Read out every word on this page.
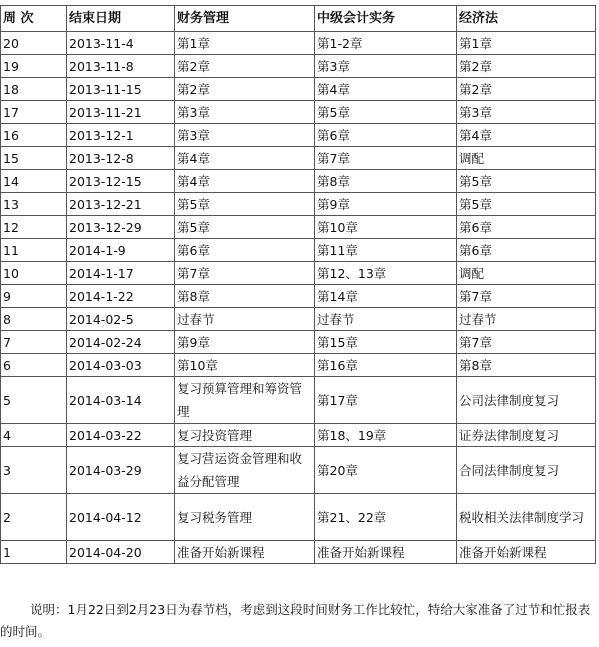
周 次	结束日期	财务管理	中级会计实务	经济法
20	2013-11-4	第1章	第1-2章	第1章
19	2013-11-8	第2章	第3章	第2章
18	2013-11-15	第2章	第4章	第2章
17	2013-11-21	第3章	第5章	第3章
16	2013-12-1	第3章	第6章	第4章
15	2013-12-8	第4章	第7章	调配
14	2013-12-15	第4章	第8章	第5章
13	2013-12-21	第5章	第9章	第5章
12	2013-12-29	第5章	第10章	第6章
11	2014-1-9	第6章	第11章	第6章
10	2014-1-17	第7章	第12、13章	调配
9	2014-1-22	第8章	第14章	第7章
8	2014-02-5	过春节	过春节	过春节
7	2014-02-24	第9章	第15章	第7章
6	2014-03-03	第10章	第16章	第8章
5	2014-03-14	复习预算管理和筹资管理	第17章	公司法律制度复习
4	2014-03-22	复习投资管理	第18、19章	证券法律制度复习
3	2014-03-29	复习营运资金管理和收益分配管理	第20章	合同法律制度复习
2	2014-04-12	复习税务管理	第21、22章	税收相关法律制度学习
1	2014-04-20	准备开始新课程	准备开始新课程	准备开始新课程

说明：1月22日到2月23日为春节档，考虑到这段时间财务工作比较忙，特给大家准备了过节和忙报表的时间。
